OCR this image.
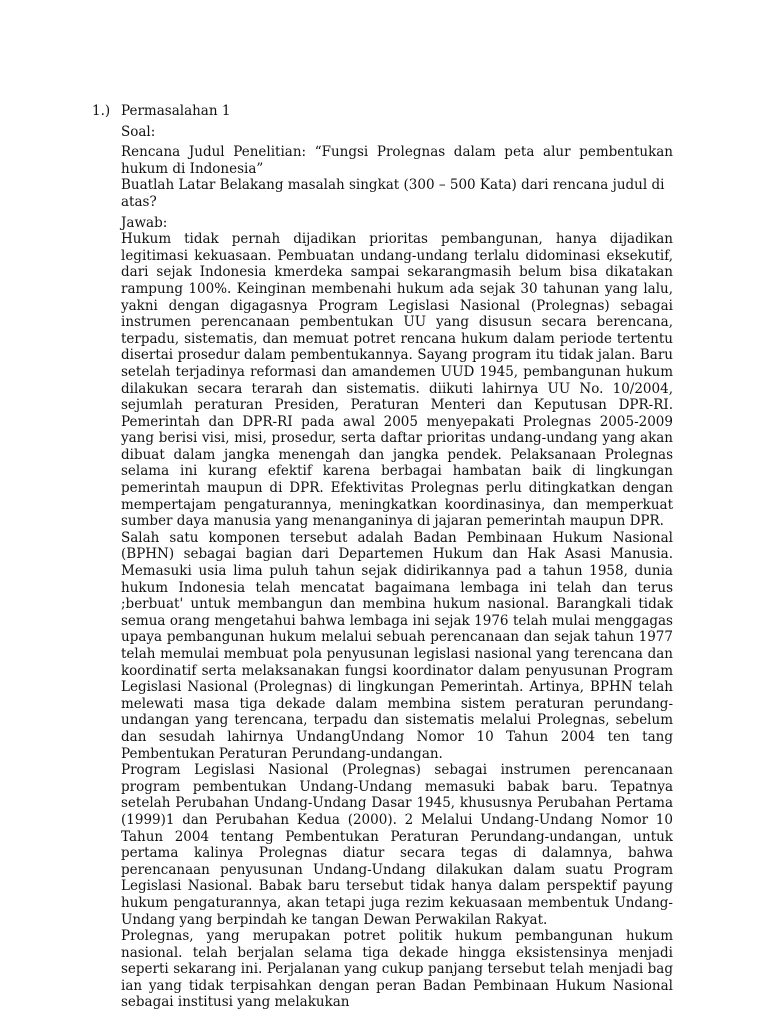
1.) Permasalahan 1
Soal:

Rencana Judul Penelitian: “Fungsi Prolegnas dalam peta alur pembentukan hukum di Indonesia”

Buatlah Latar Belakang masalah singkat (300 – 500 Kata) dari rencana judul di atas?
Jawab:

Hukum tidak pernah dijadikan prioritas pembangunan, hanya dijadikan legitimasi kekuasaan. Pembuatan undang-undang terlalu didominasi eksekutif, dari sejak Indonesia kmerdeka sampai sekarangmasih belum bisa dikatakan rampung 100%. Keinginan membenahi hukum ada sejak 30 tahunan yang lalu, yakni dengan digagasnya Program Legislasi Nasional (Prolegnas) sebagai instrumen perencanaan pembentukan UU yang disusun secara berencana, terpadu, sistematis, dan memuat potret rencana hukum dalam periode tertentu disertai prosedur dalam pembentukannya. Sayang program itu tidak jalan. Baru setelah terjadinya reformasi dan amandemen UUD 1945, pembangunan hukum dilakukan secara terarah dan sistematis. diikuti lahirnya UU No. 10/2004, sejumlah peraturan Presiden, Peraturan Menteri dan Keputusan DPR-RI. Pemerintah dan DPR-RI pada awal 2005 menyepakati Prolegnas 2005-2009 yang berisi visi, misi, prosedur, serta daftar prioritas undang-undang yang akan dibuat dalam jangka menengah dan jangka pendek. Pelaksanaan Prolegnas selama ini kurang efektif karena berbagai hambatan baik di lingkungan pemerintah maupun di DPR. Efektivitas Prolegnas perlu ditingkatkan dengan mempertajam pengaturannya, meningkatkan koordinasinya, dan memperkuat sumber daya manusia yang menanganinya di jajaran pemerintah maupun DPR.

Salah satu komponen tersebut adalah Badan Pembinaan Hukum Nasional (BPHN) sebagai bagian dari Departemen Hukum dan Hak Asasi Manusia. Memasuki usia lima puluh tahun sejak didirikannya pad a tahun 1958, dunia hukum Indonesia telah mencatat bagaimana lembaga ini telah dan terus ;berbuat' untuk membangun dan membina hukum nasional. Barangkali tidak semua orang mengetahui bahwa lembaga ini sejak 1976 telah mulai menggagas upaya pembangunan hukum melalui sebuah perencanaan dan sejak tahun 1977 telah memulai membuat pola penyusunan legislasi nasional yang terencana dan koordinatif serta melaksanakan fungsi koordinator dalam penyusunan Program Legislasi Nasional (Prolegnas) di lingkungan Pemerintah. Artinya, BPHN telah melewati masa tiga dekade dalam membina sistem peraturan perundang-undangan yang terencana, terpadu dan sistematis melalui Prolegnas, sebelum dan sesudah lahirnya UndangUndang Nomor 10 Tahun 2004 ten tang Pembentukan Peraturan Perundang-undangan.

Program Legislasi Nasional (Prolegnas) sebagai instrumen perencanaan program pembentukan Undang-Undang memasuki babak baru. Tepatnya setelah Perubahan Undang-Undang Dasar 1945, khususnya Perubahan Pertama (1999)1 dan Perubahan Kedua (2000). 2 Melalui Undang-Undang Nomor 10 Tahun 2004 tentang Pembentukan Peraturan Perundang-undangan, untuk pertama kalinya Prolegnas diatur secara tegas di dalamnya, bahwa perencanaan penyusunan Undang-Undang dilakukan dalam suatu Program Legislasi Nasional. Babak baru tersebut tidak hanya dalam perspektif payung hukum pengaturannya, akan tetapi juga rezim kekuasaan membentuk Undang-Undang yang berpindah ke tangan Dewan Perwakilan Rakyat.

Prolegnas, yang merupakan potret politik hukum pembangunan hukum nasional. telah berjalan selama tiga dekade hingga eksistensinya menjadi seperti sekarang ini. Perjalanan yang cukup panjang tersebut telah menjadi bag ian yang tidak terpisahkan dengan peran Badan Pembinaan Hukum Nasional sebagai institusi yang melakukan
